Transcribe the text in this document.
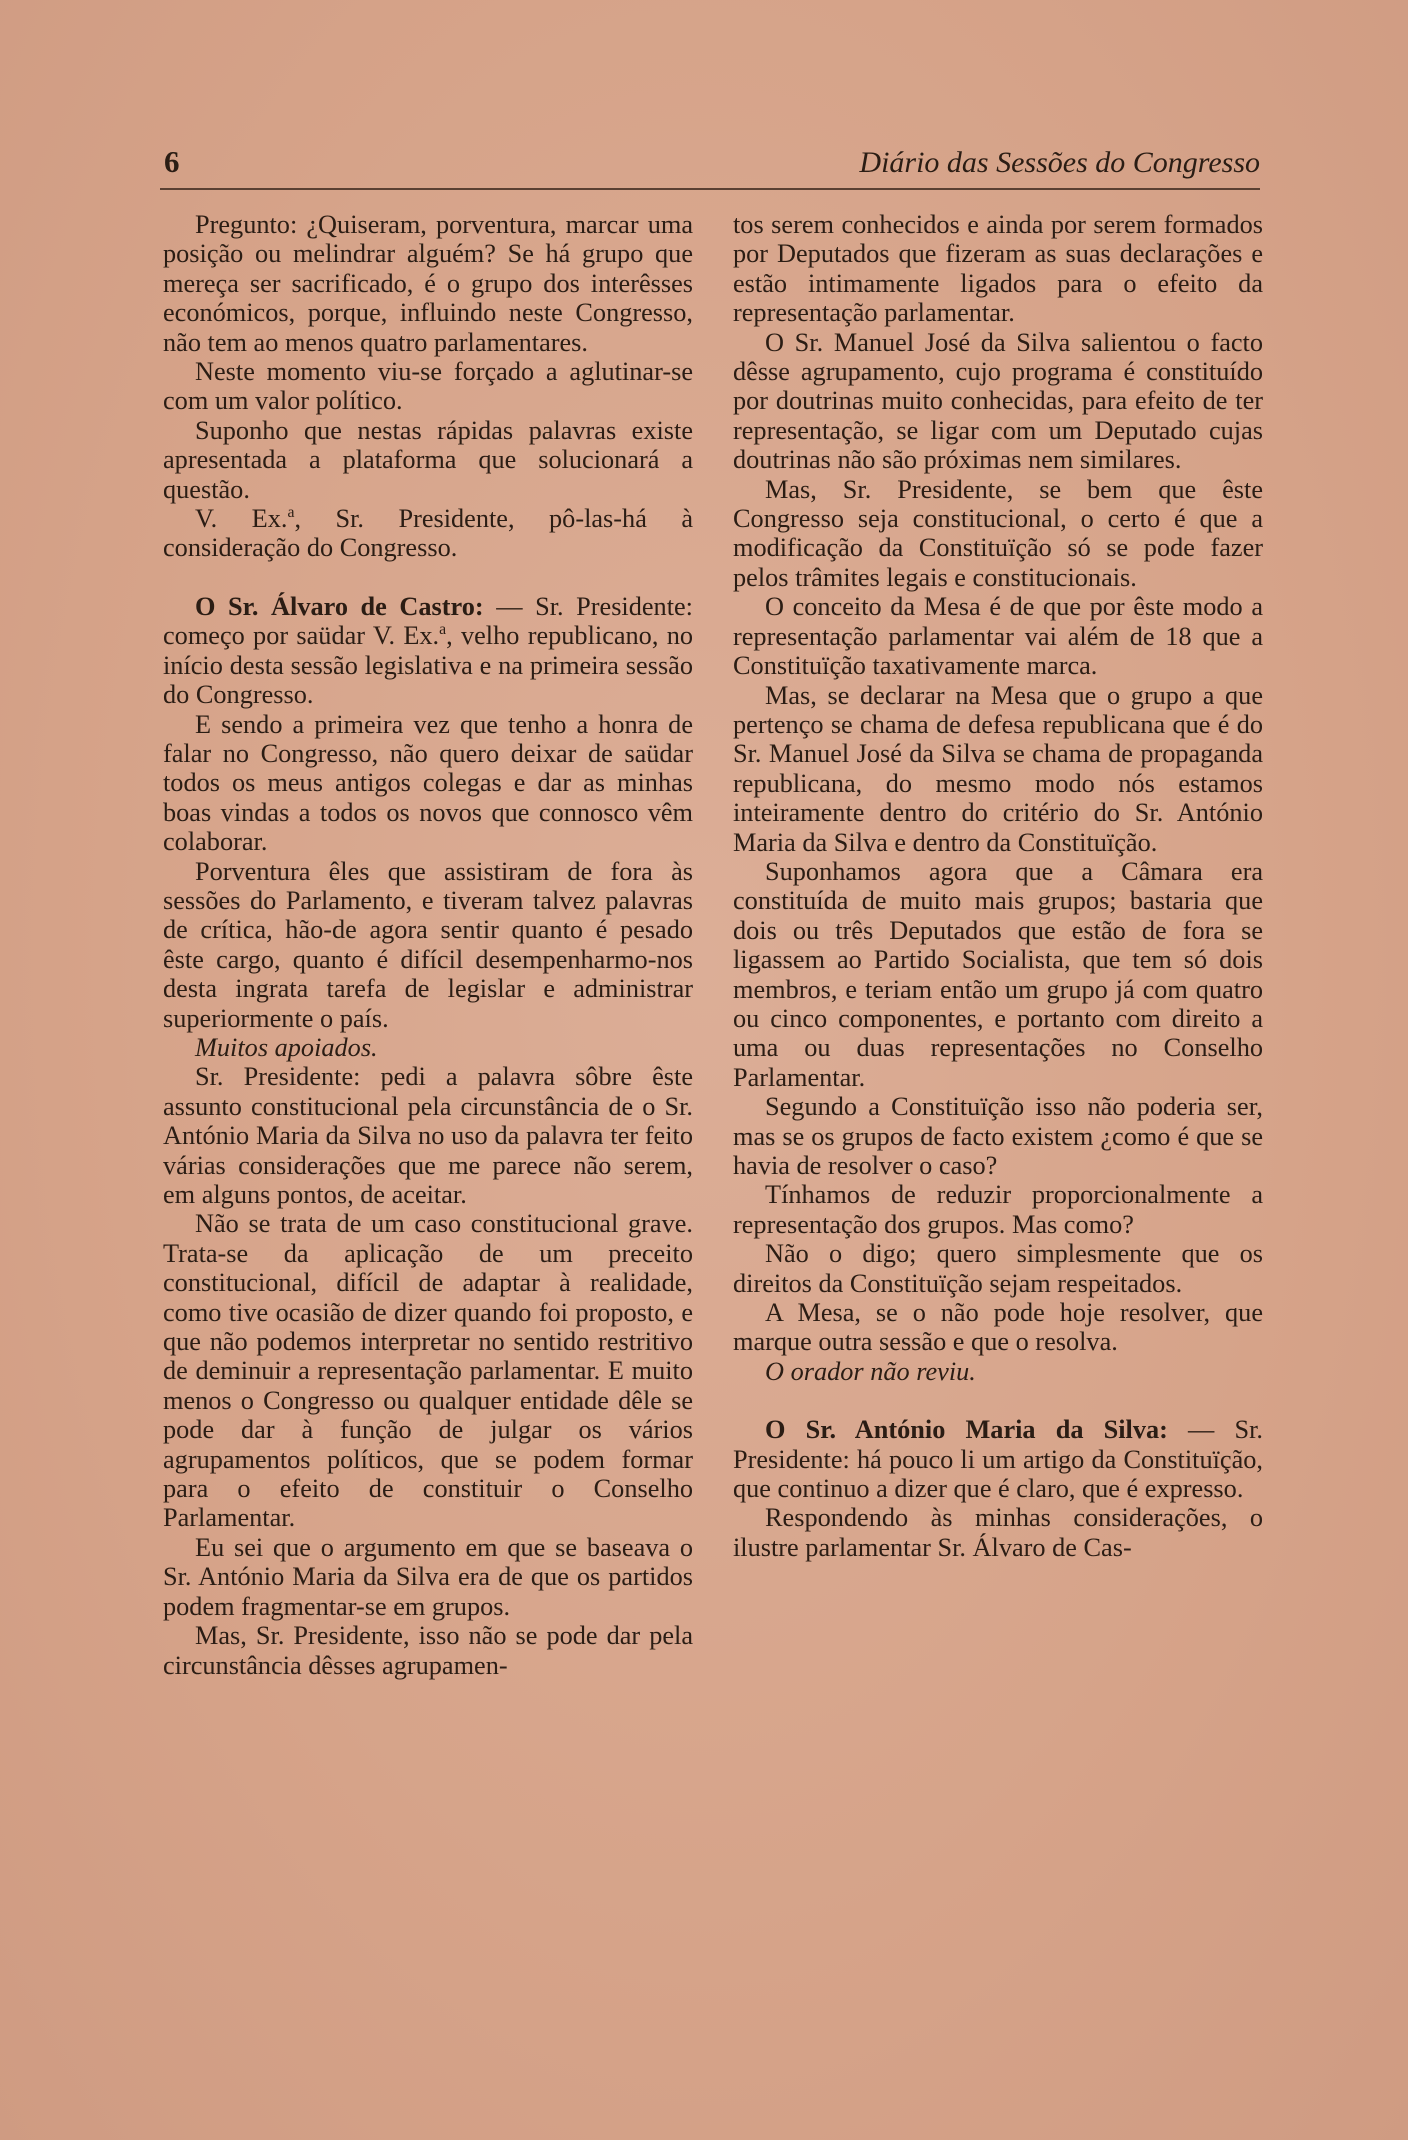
6	Diário das Sessões do Congresso

Pregunto: ¿Quiseram, porventura, marcar uma posição ou melindrar alguém? Se há grupo que mereça ser sacrificado, é o grupo dos interêsses económicos, porque, influindo neste Congresso, não tem ao menos quatro parlamentares.

Neste momento viu-se forçado a aglutinar-se com um valor político.

Suponho que nestas rápidas palavras existe apresentada a plataforma que solucionará a questão.

V. Ex.$^a$, Sr. Presidente, pô-las-há à consideração do Congresso.

O Sr. Álvaro de Castro: — Sr. Presidente: começo por saüdar V. Ex.$^a$, velho republicano, no início desta sessão legislativa e na primeira sessão do Congresso.

E sendo a primeira vez que tenho a honra de falar no Congresso, não quero deixar de saüdar todos os meus antigos colegas e dar as minhas boas vindas a todos os novos que connosco vêm colaborar.

Porventura êles que assistiram de fora às sessões do Parlamento, e tiveram talvez palavras de crítica, hão-de agora sentir quanto é pesado êste cargo, quanto é difícil desempenharmo-nos desta ingrata tarefa de legislar e administrar superiormente o país.

Muitos apoiados.

Sr. Presidente: pedi a palavra sôbre êste assunto constitucional pela circunstância de o Sr. António Maria da Silva no uso da palavra ter feito várias considerações que me parece não serem, em alguns pontos, de aceitar.

Não se trata de um caso constitucional grave. Trata-se da aplicação de um preceito constitucional, difícil de adaptar à realidade, como tive ocasião de dizer quando foi proposto, e que não podemos interpretar no sentido restritivo de deminuir a representação parlamentar. E muito menos o Congresso ou qualquer entidade dêle se pode dar à função de julgar os vários agrupamentos políticos, que se podem formar para o efeito de constituir o Conselho Parlamentar.

Eu sei que o argumento em que se baseava o Sr. António Maria da Silva era de que os partidos podem fragmentar-se em grupos.

Mas, Sr. Presidente, isso não se pode dar pela circunstância dêsses agrupamen-

tos serem conhecidos e ainda por serem formados por Deputados que fizeram as suas declarações e estão intimamente ligados para o efeito da representação parlamentar.

O Sr. Manuel José da Silva salientou o facto dêsse agrupamento, cujo programa é constituído por doutrinas muito conhecidas, para efeito de ter representação, se ligar com um Deputado cujas doutrinas não são próximas nem similares.

Mas, Sr. Presidente, se bem que êste Congresso seja constitucional, o certo é que a modificação da Constituïção só se pode fazer pelos trâmites legais e constitucionais.

O conceito da Mesa é de que por êste modo a representação parlamentar vai além de 18 que a Constituïção taxativamente marca.

Mas, se declarar na Mesa que o grupo a que pertenço se chama de defesa republicana que é do Sr. Manuel José da Silva se chama de propaganda republicana, do mesmo modo nós estamos inteiramente dentro do critério do Sr. António Maria da Silva e dentro da Constituïção.

Suponhamos agora que a Câmara era constituída de muito mais grupos; bastaria que dois ou três Deputados que estão de fora se ligassem ao Partido Socialista, que tem só dois membros, e teriam então um grupo já com quatro ou cinco componentes, e portanto com direito a uma ou duas representações no Conselho Parlamentar.

Segundo a Constituïção isso não poderia ser, mas se os grupos de facto existem ¿como é que se havia de resolver o caso?

Tínhamos de reduzir proporcionalmente a representação dos grupos. Mas como?

Não o digo; quero simplesmente que os direitos da Constituïção sejam respeitados.

A Mesa, se o não pode hoje resolver, que marque outra sessão e que o resolva.

O orador não reviu.

O Sr. António Maria da Silva: — Sr. Presidente: há pouco li um artigo da Constituïção, que continuo a dizer que é claro, que é expresso.

Respondendo às minhas considerações, o ilustre parlamentar Sr. Álvaro de Cas-
